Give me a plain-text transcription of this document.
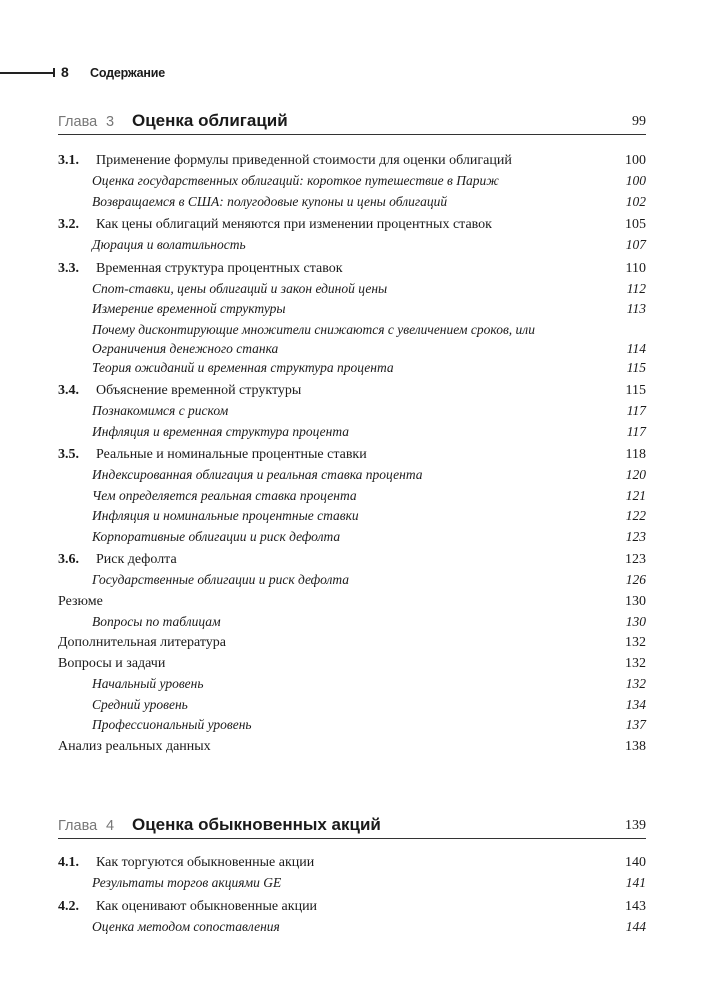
8 Содержание
Глава 3 Оценка облигаций	99
3.1. Применение формулы приведенной стоимости для оценки облигаций	100
Оценка государственных облигаций: короткое путешествие в Париж	100
Возвращаемся в США: полугодовые купоны и цены облигаций	102
3.2. Как цены облигаций меняются при изменении процентных ставок	105
Дюрация и волатильность	107
3.3. Временная структура процентных ставок	110
Спот-ставки, цены облигаций и закон единой цены	112
Измерение временной структуры	113
Почему дисконтирующие множители снижаются с увеличением сроков, или Ограничения денежного станка	114
Теория ожиданий и временная структура процента	115
3.4. Объяснение временной структуры	115
Познакомимся с риском	117
Инфляция и временная структура процента	117
3.5. Реальные и номинальные процентные ставки	118
Индексированная облигация и реальная ставка процента	120
Чем определяется реальная ставка процента	121
Инфляция и номинальные процентные ставки	122
Корпоративные облигации и риск дефолта	123
3.6. Риск дефолта	123
Государственные облигации и риск дефолта	126
Резюме	130
Вопросы по таблицам	130
Дополнительная литература	132
Вопросы и задачи	132
Начальный уровень	132
Средний уровень	134
Профессиональный уровень	137
Анализ реальных данных	138
Глава 4 Оценка обыкновенных акций	139
4.1. Как торгуются обыкновенные акции	140
Результаты торгов акциями GE	141
4.2. Как оценивают обыкновенные акции	143
Оценка методом сопоставления	144
